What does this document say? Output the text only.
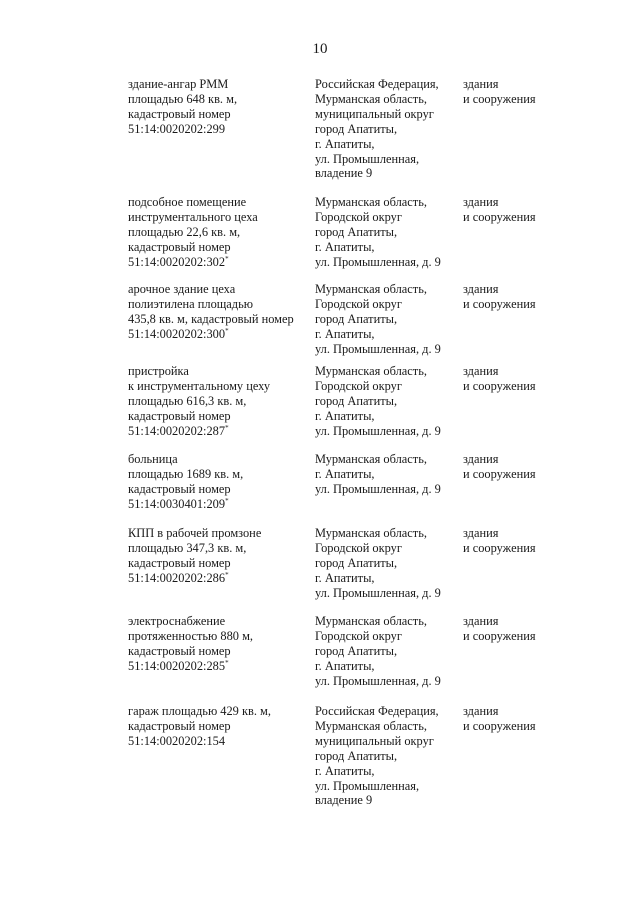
10
здание-ангар РММ
площадью 648 кв. м,
кадастровый номер
51:14:0020202:299
Российская Федерация,
Мурманская область,
муниципальный округ
город Апатиты,
г. Апатиты,
ул. Промышленная,
владение 9
здания
и сооружения
подсобное помещение
инструментального цеха
площадью 22,6 кв. м,
кадастровый номер
51:14:0020202:302*
Мурманская область,
Городской округ
город Апатиты,
г. Апатиты,
ул. Промышленная, д. 9
здания
и сооружения
арочное здание цеха
полиэтилена площадью
435,8 кв. м, кадастровый номер
51:14:0020202:300*
Мурманская область,
Городской округ
город Апатиты,
г. Апатиты,
ул. Промышленная, д. 9
здания
и сооружения
пристройка
к инструментальному цеху
площадью 616,3 кв. м,
кадастровый номер
51:14:0020202:287*
Мурманская область,
Городской округ
город Апатиты,
г. Апатиты,
ул. Промышленная, д. 9
здания
и сооружения
больница
площадью 1689 кв. м,
кадастровый номер
51:14:0030401:209*
Мурманская область,
г. Апатиты,
ул. Промышленная, д. 9
здания
и сооружения
КПП в рабочей промзоне
площадью 347,3 кв. м,
кадастровый номер
51:14:0020202:286*
Мурманская область,
Городской округ
город Апатиты,
г. Апатиты,
ул. Промышленная, д. 9
здания
и сооружения
электроснабжение
протяженностью 880 м,
кадастровый номер
51:14:0020202:285*
Мурманская область,
Городской округ
город Апатиты,
г. Апатиты,
ул. Промышленная, д. 9
здания
и сооружения
гараж площадью 429 кв. м,
кадастровый номер
51:14:0020202:154
Российская Федерация,
Мурманская область,
муниципальный округ
город Апатиты,
г. Апатиты,
ул. Промышленная,
владение 9
здания
и сооружения
